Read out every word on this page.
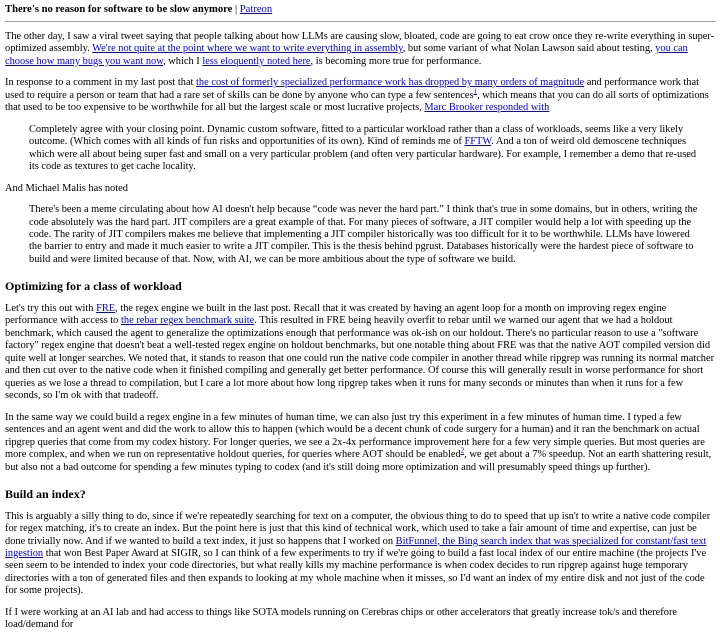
There's no reason for software to be slow anymore | Patreon

The other day, I saw a viral tweet saying that people talking about how LLMs are causing slow, bloated, code are going to eat crow once they re-write everything in super-optimized assembly. We're not quite at the point where we want to write everything in assembly, but some variant of what Nolan Lawson said about testing, you can choose how many bugs you want now, which I less eloquently noted here, is becoming more true for performance.

In response to a comment in my last post that the cost of formerly specialized performance work has dropped by many orders of magnitude and performance work that used to require a person or team that had a rare set of skills can be done by anyone who can type a few sentences$^1$, which means that you can do all sorts of optimizations that used to be too expensive to be worthwhile for all but the largest scale or most lucrative projects, Marc Brooker responded with

Completely agree with your closing point. Dynamic custom software, fitted to a particular workload rather than a class of workloads, seems like a very likely outcome. (Which comes with all kinds of fun risks and opportunities of its own). Kind of reminds me of FFTW. And a ton of weird old demoscene techniques which were all about being super fast and small on a very particular problem (and often very particular hardware). For example, I remember a demo that re-used its code as textures to get cache locality.

And Michael Malis has noted

There's been a meme circulating about how AI doesn't help because “code was never the hard part.” I think that's true in some domains, but in others, writing the code absolutely was the hard part. JIT compilers are a great example of that. For many pieces of software, a JIT compiler would help a lot with speeding up the code. The rarity of JIT compilers makes me believe that implementing a JIT compiler historically was too difficult for it to be worthwhile. LLMs have lowered the barrier to entry and made it much easier to write a JIT compiler. This is the thesis behind pgrust. Databases historically were the hardest piece of software to build and were limited because of that. Now, with AI, we can be more ambitious about the type of software we build.

Optimizing for a class of workload

Let's try this out with FRE, the regex engine we built in the last post. Recall that it was created by having an agent loop for a month on improving regex engine performance with access to the rebar regex benchmark suite. This resulted in FRE being heavily overfit to rebar until we warned our agent that we had a holdout benchmark, which caused the agent to generalize the optimizations enough that performance was ok-ish on our holdout. There's no particular reason to use a "software factory" regex engine that doesn't beat a well-tested regex engine on holdout benchmarks, but one notable thing about FRE was that the native AOT compiled version did quite well at longer searches. We noted that, it stands to reason that one could run the native code compiler in another thread while ripgrep was running its normal matcher and then cut over to the native code when it finished compiling and generally get better performance. Of course this will generally result in worse performance for short queries as we lose a thread to compilation, but I care a lot more about how long ripgrep takes when it runs for many seconds or minutes than when it runs for a few seconds, so I'm ok with that tradeoff.

In the same way we could build a regex engine in a few minutes of human time, we can also just try this experiment in a few minutes of human time. I typed a few sentences and an agent went and did the work to allow this to happen (which would be a decent chunk of code surgery for a human) and it ran the benchmark on actual ripgrep queries that come from my codex history. For longer queries, we see a 2x-4x performance improvement here for a few very simple queries. But most queries are more complex, and when we run on representative holdout queries, for queries where AOT should be enabled$^2$, we get about a 7% speedup. Not an earth shattering result, but also not a bad outcome for spending a few minutes typing to codex (and it's still doing more optimization and will presumably speed things up further).

Build an index?

This is arguably a silly thing to do, since if we're repeatedly searching for text on a computer, the obvious thing to do to speed that up isn't to write a native code compiler for regex matching, it's to create an index. But the point here is just that this kind of technical work, which used to take a fair amount of time and expertise, can just be done trivially now. And if we wanted to build a text index, it just so happens that I worked on BitFunnel, the Bing search index that was specialized for constant/fast text ingestion that won Best Paper Award at SIGIR, so I can think of a few experiments to try if we're going to build a fast local index of our entire machine (the projects I've seen seem to be intended to index your code directories, but what really kills my machine performance is when codex decides to run ripgrep against huge temporary directories with a ton of generated files and then expands to looking at my whole machine when it misses, so I'd want an index of my entire disk and not just of the code for some projects).

If I were working at an AI lab and had access to things like SOTA models running on Cerebras chips or other accelerators that greatly increase tok/s and therefore load/demand for
